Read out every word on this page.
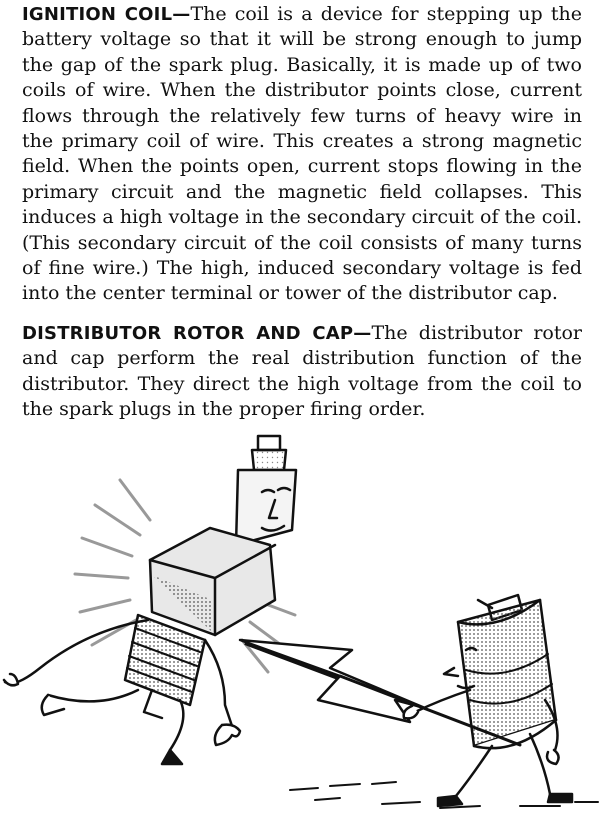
IGNITION COIL—The coil is a device for stepping up the battery voltage so that it will be strong enough to jump the gap of the spark plug. Basically, it is made up of two coils of wire. When the distributor points close, current flows through the relatively few turns of heavy wire in the primary coil of wire. This creates a strong magnetic field. When the points open, current stops flowing in the primary circuit and the magnetic field collapses. This induces a high voltage in the secondary circuit of the coil. (This secondary circuit of the coil consists of many turns of fine wire.) The high, induced secondary voltage is fed into the center terminal or tower of the distributor cap.

DISTRIBUTOR ROTOR AND CAP—The distributor rotor and cap perform the real distribution function of the distributor. They direct the high voltage from the coil to the spark plugs in the proper firing order.
